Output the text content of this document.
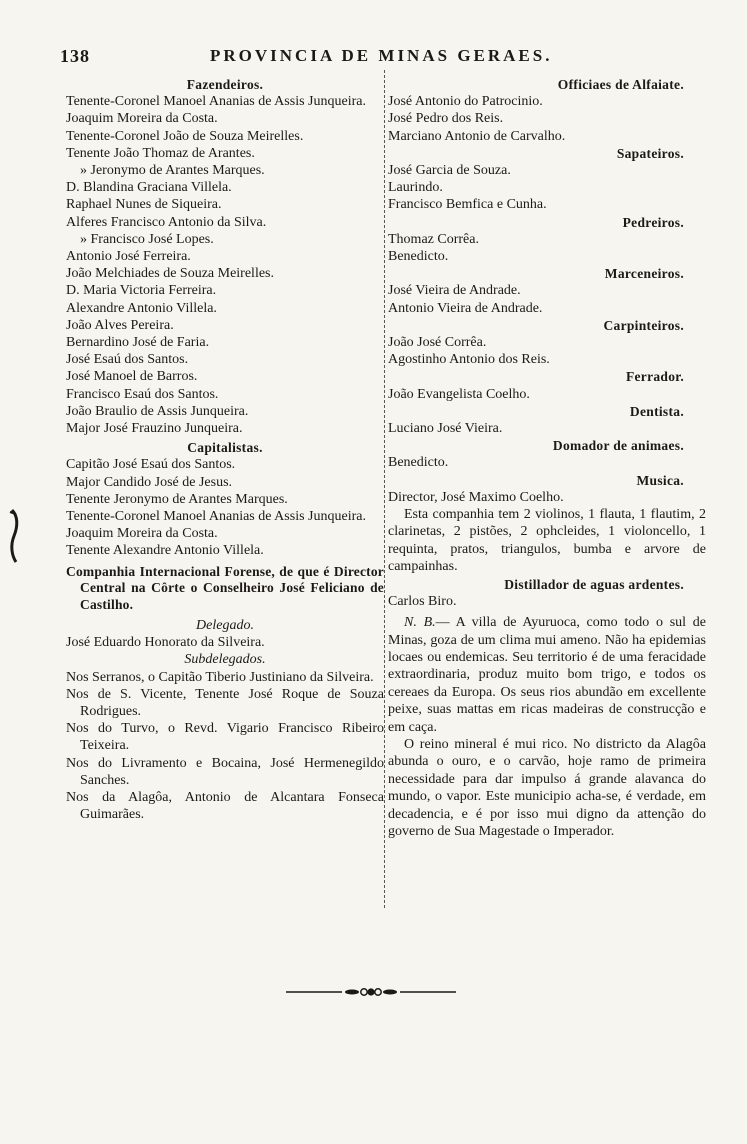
138	PROVINCIA DE MINAS GERAES.
Fazendeiros.
Tenente-Coronel Manoel Ananias de Assis Junqueira.
Joaquim Moreira da Costa.
Tenente-Coronel João de Souza Meirelles.
Tenente João Thomaz de Arantes.
» Jeronymo de Arantes Marques.
D. Blandina Graciana Villela.
Raphael Nunes de Siqueira.
Alferes Francisco Antonio da Silva.
» Francisco José Lopes.
Antonio José Ferreira.
João Melchiades de Souza Meirelles.
D. Maria Victoria Ferreira.
Alexandre Antonio Villela.
João Alves Pereira.
Bernardino José de Faria.
José Esaú dos Santos.
José Manoel de Barros.
Francisco Esaú dos Santos.
João Braulio de Assis Junqueira.
Major José Frauzino Junqueira.
Capitalistas.
Capitão José Esaú dos Santos.
Major Candido José de Jesus.
Tenente Jeronymo de Arantes Marques.
Tenente-Coronel Manoel Ananias de Assis Junqueira.
Joaquim Moreira da Costa.
Tenente Alexandre Antonio Villela.
Companhia Internacional Forense, de que é Director Central na Côrte o Conselheiro José Feliciano de Castilho.
Delegado.
José Eduardo Honorato da Silveira.
Subdelegados.
Nos Serranos, o Capitão Tiberio Justiniano da Silveira.
Nos de S. Vicente, Tenente José Roque de Souza Rodrigues.
Nos do Turvo, o Revd. Vigario Francisco Ribeiro Teixeira.
Nos do Livramento e Bocaina, José Hermenegildo Sanches.
Nos da Alagôa, Antonio de Alcantara Fonseca Guimarães.
Officiaes de Alfaiate.
José Antonio do Patrocinio.
José Pedro dos Reis.
Marciano Antonio de Carvalho.
Sapateiros.
José Garcia de Souza.
Laurindo.
Francisco Bemfica e Cunha.
Pedreiros.
Thomaz Corrêa.
Benedicto.
Marceneiros.
José Vieira de Andrade.
Antonio Vieira de Andrade.
Carpinteiros.
João José Corrêa.
Agostinho Antonio dos Reis.
Ferrador.
João Evangelista Coelho.
Dentista.
Luciano José Vieira.
Domador de animaes.
Benedicto.
Musica.
Director, José Maximo Coelho.
Esta companhia tem 2 violinos, 1 flauta, 1 flautim, 2 clarinetas, 2 pistões, 2 ophcleides, 1 violoncello, 1 requinta, pratos, triangulos, bumba e arvore de campainhas.
Distillador de aguas ardentes.
Carlos Biro.
N. B.— A villa de Ayuruoca, como todo o sul de Minas, goza de um clima mui ameno. Não ha epidemias locaes ou endemicas. Seu territorio é de uma feracidade extraordinaria, produz muito bom trigo, e todos os cereaes da Europa. Os seus rios abundão em excellente peixe, suas mattas em ricas madeiras de construcção e em caça.
O reino mineral é mui rico. No districto da Alagôa abunda o ouro, e o carvão, hoje ramo de primeira necessidade para dar impulso á grande alavanca do mundo, o vapor. Este municipio acha-se, é verdade, em decadencia, e é por isso mui digno da attenção do governo de Sua Magestade o Imperador.
